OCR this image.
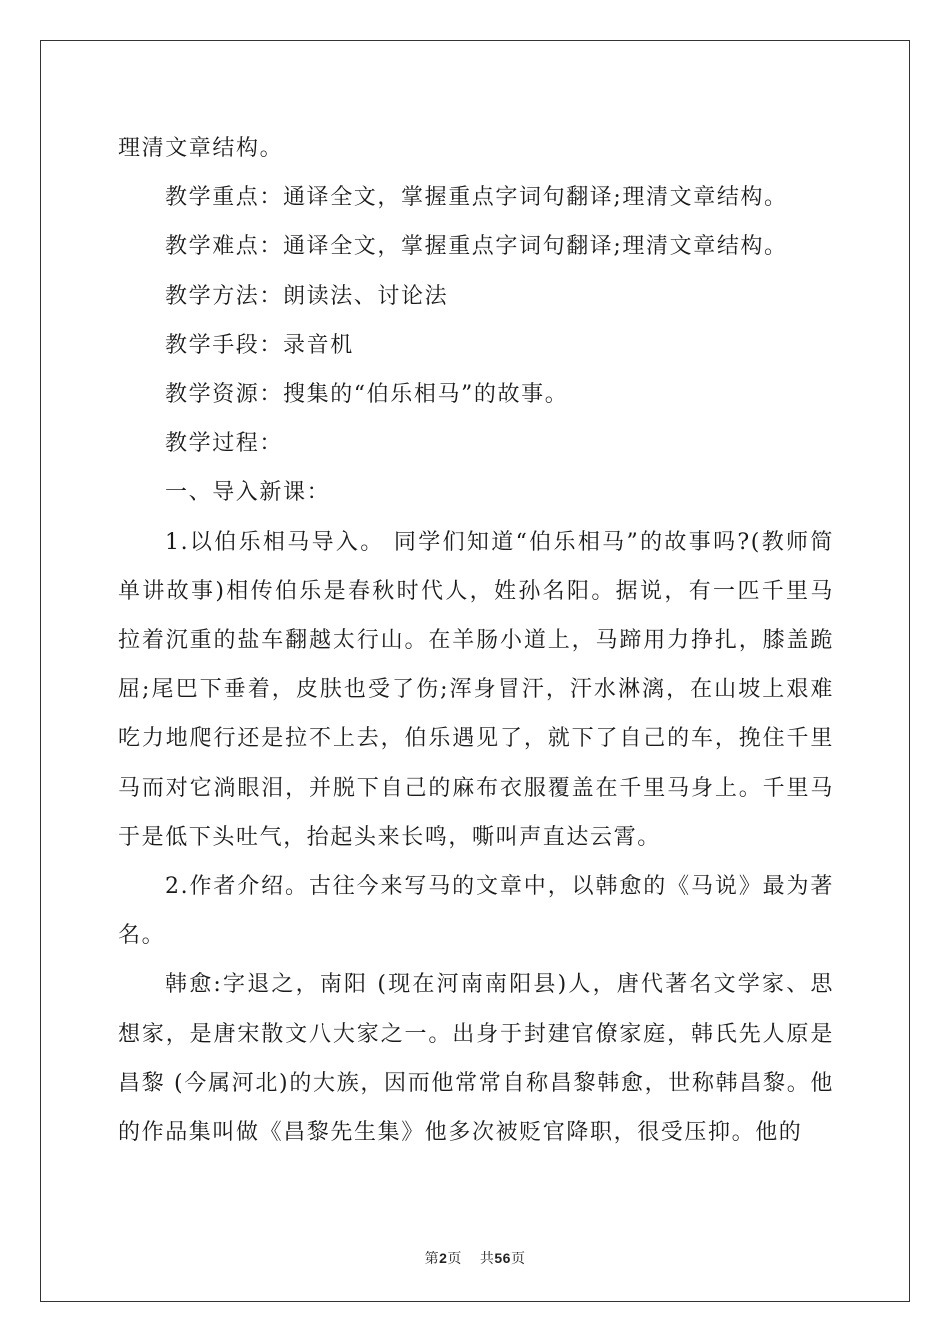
理清文章结构。

教学重点：通译全文，掌握重点字词句翻译;理清文章结构。

教学难点：通译全文，掌握重点字词句翻译;理清文章结构。

教学方法：朗读法、讨论法

教学手段：录音机

教学资源：搜集的“伯乐相马”的故事。

教学过程：

一、导入新课：

1.以伯乐相马导入。 同学们知道“伯乐相马”的故事吗?(教师简单讲故事)相传伯乐是春秋时代人，姓孙名阳。据说，有一匹千里马拉着沉重的盐车翻越太行山。在羊肠小道上，马蹄用力挣扎，膝盖跪屈;尾巴下垂着，皮肤也受了伤;浑身冒汗，汗水淋漓，在山坡上艰难吃力地爬行还是拉不上去，伯乐遇见了，就下了自己的车，挽住千里马而对它淌眼泪，并脱下自己的麻布衣服覆盖在千里马身上。千里马于是低下头吐气，抬起头来长鸣，嘶叫声直达云霄。

2.作者介绍。古往今来写马的文章中，以韩愈的《马说》最为著名。

韩愈:字退之，南阳 (现在河南南阳县)人，唐代著名文学家、思想家，是唐宋散文八大家之一。出身于封建官僚家庭，韩氏先人原是昌黎 (今属河北)的大族，因而他常常自称昌黎韩愈，世称韩昌黎。他的作品集叫做《昌黎先生集》他多次被贬官降职，很受压抑。他的

第2页 共56页
